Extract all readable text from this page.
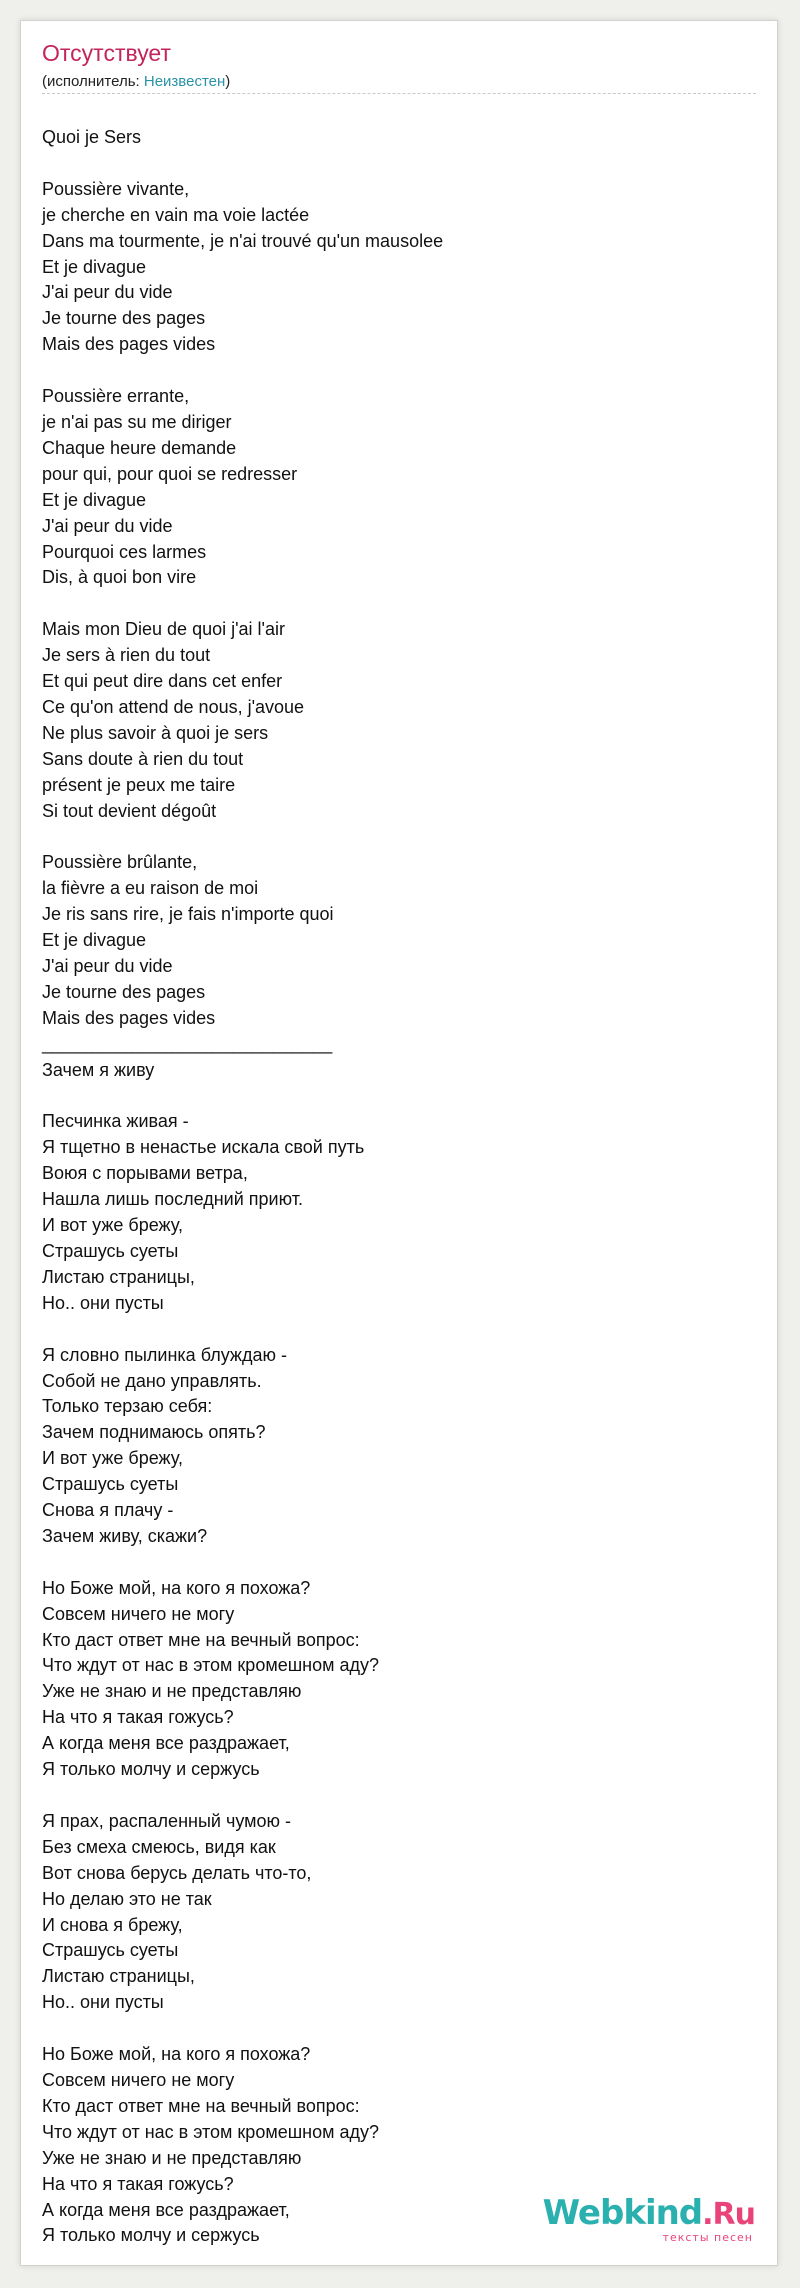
Отсутствует
(исполнитель: Неизвестен)
Quoi je Sers

Poussière vivante,
je cherche en vain ma voie lactée
Dans ma tourmente, je n'ai trouvé qu'un mausolee
Et je divague
J'ai peur du vide
Je tourne des pages
Mais des pages vides

Poussière errante,
je n'ai pas su me diriger
Chaque heure demande
pour qui, pour quoi se redresser
Et je divague
J'ai peur du vide
Pourquoi ces larmes
Dis, à quoi bon vire

Mais mon Dieu de quoi j'ai l'air
Je sers à rien du tout
Et qui peut dire dans cet enfer
Ce qu'on attend de nous, j'avoue
Ne plus savoir à quoi je sers
Sans doute à rien du tout
présent je peux me taire
Si tout devient dégoût

Poussière brûlante,
la fièvre a eu raison de moi
Je ris sans rire, je fais n'importe quoi
Et je divague
J'ai peur du vide
Je tourne des pages
Mais des pages vides
_____________________________
Зачем я живу

Песчинка живая -
Я тщетно в ненастье искала свой путь
Воюя с порывами ветра,
Нашла лишь последний приют.
И вот уже брежу,
Страшусь суеты
Листаю страницы,
Но.. они пусты

Я словно пылинка блуждаю -
Собой не дано управлять.
Только терзаю себя:
Зачем поднимаюсь опять?
И вот уже брежу,
Страшусь суеты
Снова я плачу -
Зачем живу, скажи?

Но Боже мой, на кого я похожа?
Совсем ничего не могу
Кто даст ответ мне на вечный вопрос:
Что ждут от нас в этом кромешном аду?
Уже не знаю и не представляю
На что я такая гожусь?
А когда меня все раздражает,
Я только молчу и сержусь

Я прах, распаленный чумою -
Без смеха смеюсь, видя как
Вот снова берусь делать что-то,
Но делаю это не так
И снова я брежу,
Страшусь суеты
Листаю страницы,
Но.. они пусты

Но Боже мой, на кого я похожа?
Совсем ничего не могу
Кто даст ответ мне на вечный вопрос:
Что ждут от нас в этом кромешном аду?
Уже не знаю и не представляю
На что я такая гожусь?
А когда меня все раздражает,
Я только молчу и сержусь
Webkind.Ru
тексты песен
